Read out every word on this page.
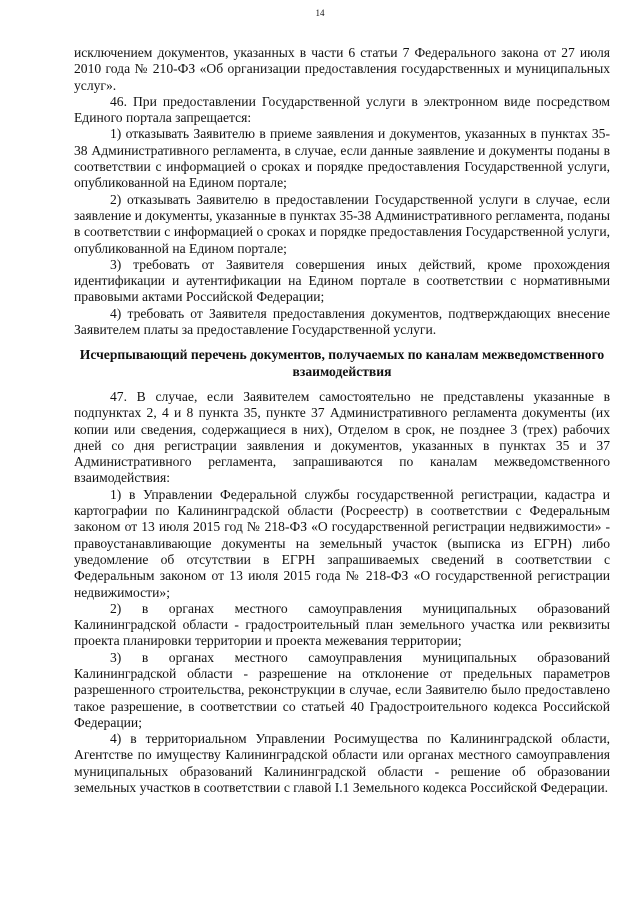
14

исключением документов, указанных в части 6 статьи 7 Федерального закона от 27 июля 2010 года № 210-ФЗ «Об организации предоставления государственных и муниципальных услуг».

46. При предоставлении Государственной услуги в электронном виде посредством Единого портала запрещается:

1) отказывать Заявителю в приеме заявления и документов, указанных в пунктах 35-38 Административного регламента, в случае, если данные заявление и документы поданы в соответствии с информацией о сроках и порядке предоставления Государственной услуги, опубликованной на Едином портале;

2) отказывать Заявителю в предоставлении Государственной услуги в случае, если заявление и документы, указанные в пунктах 35-38 Административного регламента, поданы в соответствии с информацией о сроках и порядке предоставления Государственной услуги, опубликованной на Едином портале;

3) требовать от Заявителя совершения иных действий, кроме прохождения идентификации и аутентификации на Едином портале в соответствии с нормативными правовыми актами Российской Федерации;

4) требовать от Заявителя предоставления документов, подтверждающих внесение Заявителем платы за предоставление Государственной услуги.

Исчерпывающий перечень документов, получаемых по каналам межведомственного взаимодействия

47. В случае, если Заявителем самостоятельно не представлены указанные в подпунктах 2, 4 и 8 пункта 35, пункте 37 Административного регламента документы (их копии или сведения, содержащиеся в них), Отделом в срок, не позднее 3 (трех) рабочих дней со дня регистрации заявления и документов, указанных в пунктах 35 и 37 Административного регламента, запрашиваются по каналам межведомственного взаимодействия:

1) в Управлении Федеральной службы государственной регистрации, кадастра и картографии по Калининградской области (Росреестр) в соответствии с Федеральным законом от 13 июля 2015 год № 218-ФЗ «О государственной регистрации недвижимости» - правоустанавливающие документы на земельный участок (выписка из ЕГРН) либо уведомление об отсутствии в ЕГРН запрашиваемых сведений в соответствии с Федеральным законом от 13 июля 2015 года № 218-ФЗ «О государственной регистрации недвижимости»;

2) в органах местного самоуправления муниципальных образований Калининградской области - градостроительный план земельного участка или реквизиты проекта планировки территории и проекта межевания территории;

3) в органах местного самоуправления муниципальных образований Калининградской области - разрешение на отклонение от предельных параметров разрешенного строительства, реконструкции в случае, если Заявителю было предоставлено такое разрешение, в соответствии со статьей 40 Градостроительного кодекса Российской Федерации;

4) в территориальном Управлении Росимущества по Калининградской области, Агентстве по имуществу Калининградской области или органах местного самоуправления муниципальных образований Калининградской области - решение об образовании земельных участков в соответствии с главой I.1 Земельного кодекса Российской Федерации.
